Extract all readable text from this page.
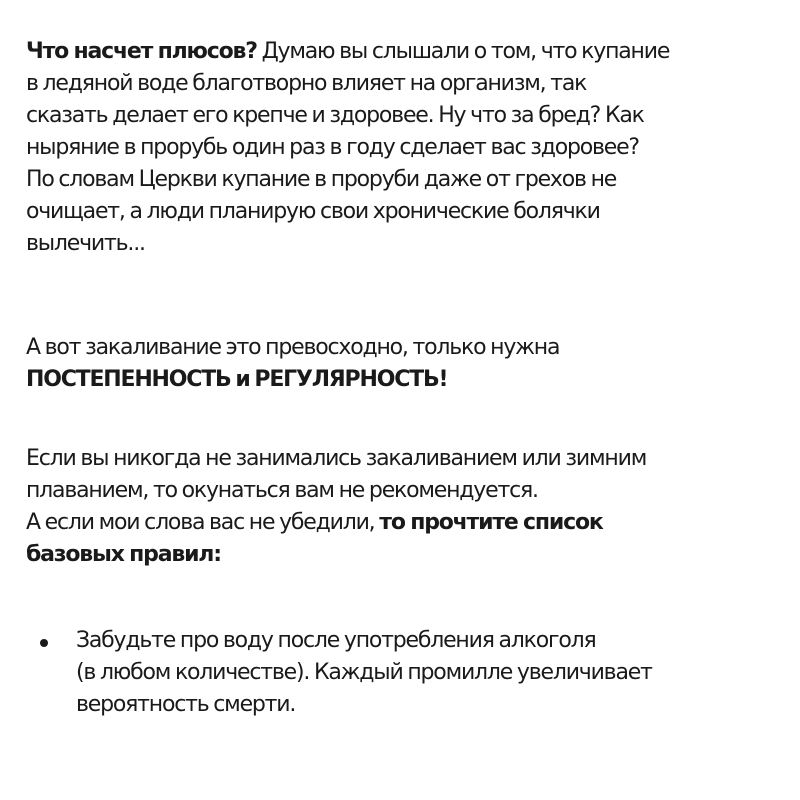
Что насчет плюсов? Думаю вы слышали о том, что купание
в ледяной воде благотворно влияет на организм, так
сказать делает его крепче и здоровее. Ну что за бред? Как
ныряние в прорубь один раз в году сделает вас здоровее?
По словам Церкви купание в проруби даже от грехов не
очищает, а люди планирую свои хронические болячки
вылечить...

А вот закаливание это превосходно, только нужна
ПОСТЕПЕННОСТЬ и РЕГУЛЯРНОСТЬ!

Если вы никогда не занимались закаливанием или зимним
плаванием, то окунаться вам не рекомендуется.
А если мои слова вас не убедили, то прочтите список
базовых правил:

Забудьте про воду после употребления алкоголя
(в любом количестве). Каждый промилле увеличивает
вероятность смерти.
